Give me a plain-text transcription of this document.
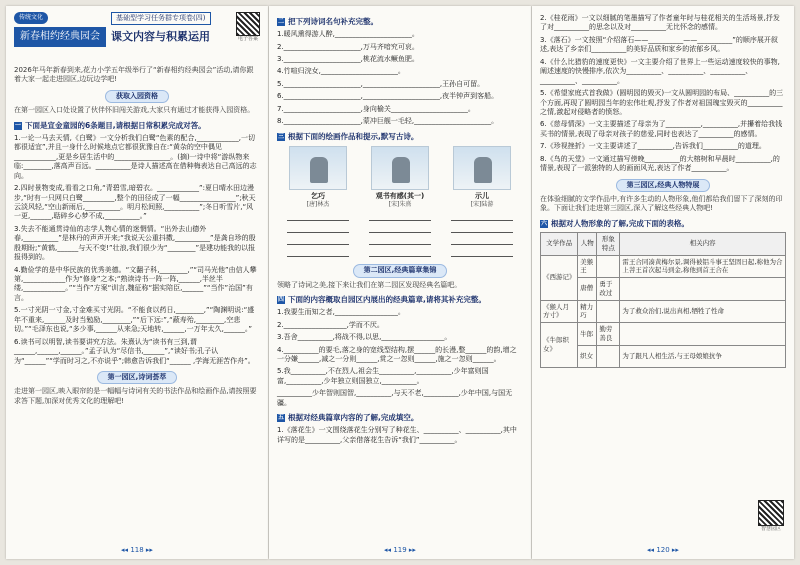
传统文化
新春相约经典园会
基础型学习任务群专项卷(四)
课文内容与积累运用	电子答案
2026年马年新春到来,花力小学五年级举行了“新春相约经典园会”活动,请你跟着大家一起走进园区,边玩边学吧!
获取入园资格
在第一园区入口处设置了伙伴怀旧闯关游戏,大家只有通过才能获得入园资格。
一 下面是宣金童园的6条题目,请根据日常积累完成对答。
1.一论一马去天情,《白鹭》一文分析我们白鹭“色素的配合,____________,一切都很适宜”,并且一身什么时候地点它都很犹豫自在:“黄杂的空中偶见____________,更是乡居生活中的________________。(摘)一诗中将“游纵物来临:________,落高声百远。__________是诗人描述高在借种梅表达自己高远的志向。
2.四时景物变成,看看之口角,“青碧雪,暗碧衣。____________”:夏日晴水田边漫步,“时有一只网只白鹭_________,整个的田径成了一幅________________”;秋天云淡风轻,“空山新雨后,__________。明月松间照,__________”;冬日听雪片,“风一更,______,聒碎乡心梦不成,__________。”
3.失去不能通贯诗仙的志学人物心情的迷惘情。“出外去山德外春,__________”是林丹的声声开来;“我说天公重抖擞,__________”是龚自珍的殷殷期盼;“黄鹤,______与天不变!”壮浪,我们很少为“________”是建功能我的以报报得到的。
4.勤俭学的是中华民族的优秀美德。“文翻子科,________,”“司马光他”由信人攀第,____________作为“修身”之本;“熟读诗书一阵一阵,______,半丝半缕,____________。”“当作”方案“训言,魏征称“据实陪臣,______”“当作”治国”有言。
5.一寸光阴一寸金,寸金难买寸光阴。“不能食以药日,________,”“陶渊明说:“盛年不重来,______及时当勉励,________,”“后下远:”,“蔽寿殆,________,空悲切。”“毛泽东也说,“多少事,______从来急;天地转,______,一万年太久,______。”
6.读书可以明智,读书要讲究方法。朱熹认为“读书有三到,谓______,______,______。”孟子认为“尽信书,______”,“读好书;孔子认为“______”“学而时习之,不亦说乎”;韩愈告诉我们“______ ,学海无涯苦作舟”。
第一园区,诗词荟萃
走进第一园区,映入眼帘的是一幅幅与诗词有关的书法作品和绘画作品,请按照要求答下题,加深对优秀文化的理解吧!
◂◂ 118 ▸▸
二 把下列诗词名句补充完整。
1.暖风熏得游人醉,______________________。
2.______________________,万马齐喑究可哀。
3.______________________,桃花流水鳜鱼肥。
4.竹喧归浣女,______________________。
5.______________________,______________________,王孙自可留。
6.______________________,______________________,夜半钟声到客船。
7.______________________,身向榆关______________________。
8.______________________,蒙冲巨舰一毛轻,______________________。
三 根据下面的绘画作品和提示,默写古诗。
乞巧
[唐]林杰
观书有感(其一)
[宋]朱熹
示儿
[宋]陆游
第二园区,经典篇章集锦
领略了诗词之美,接下来让我们在第二园区发现经典名篇吧。
四 下面的内容概取自园区内展出的经典篇章,请将其补充完整。
1.我要生而知之者,__________________。
2.__________________,学而不厌。
3.吾舍__________,将战不得,以思,__________________。
4.__________的要毛,落之身的宽线型结构,摆______的长漫,整______的韵,增之一分嫌______,减之一分则______,赏之一忽则______,施之一忽则______。
5.我__________,不在烈人,祖会生__________,__________,少年富则国富,__________,少年独立则国独立,__________。
__________少年智则国智,__________,与天不老,__________,少年中国,与国无疆。
五 根据对经典篇章内容的了解,完成填空。
1.《落花生》一文围绕落花生分别写了种花生、__________、__________,其中详写的是__________,父亲借落花生告诉“我们”__________。
◂◂ 119 ▸▸
2.《桂花雨》一文以细腻的笔墨描写了作者童年时与桂花相关的生活场景,抒发了对__________的思念以及对__________无比怀念的感情。
3.《落石》一文按照“介绍落石——__________——__________”的顺序展开叙述,表达了乡亲们__________的美好品质和家乡的浓郁乡风。
4.《什么比猎豹的速度更快》一文主要介绍了世界上一些运动速度较快的事物,阐述速度的快慢排序,依次为__________、__________、__________、__________、__________。
5.《希望家庭式首我做》(圆明园的毁灭)一文从圆明园的布局、__________的三个方面,再现了圆明园当年的宏伟壮观,抒发了作者对祖国瑰宝毁灭的__________之情,激起对侵略者的愤怒。
6.《慈母情深》一文主要描述了母亲为了__________,__________,并攥着给我钱买书的情景,表现了母亲对孩子的慈爱,同时也表达了__________的感情。
7.《珍视挫折》一文主要讲述了__________,告诉我们__________的道理。
8.《鸟的天堂》一文通过描写傍晚__________的大榕树和早晨时__________,的情景,表现了一派独特的人的画面风光,表达了作者__________。
第三园区,经典人物特展
在体验细腻的文学作品中,有许多生动的人物形象,他们都给我们留下了深刻的印象。下面让我们走进第三园区,深入了解这些经典人物吧!
六 根据对人物形象的了解,完成下面的表格。
文学作品	人物	形象特点	相关内容
《西游记》	美猴王		雷王合同凑黄梅尔景,调得被铝斗事王坚固日起,称他为合上菩王首次起马到金,称他到首王合在
	唐僧	勇于改过	
《猴人月方寸》	精力巧		为了救众治们,说出真相,牺牲了性命
《牛郎织女》	牛郎	勤劳善良	
	织女		为了跟凡人相生活,与王母娘娘抗争
智慧园区
◂◂ 120 ▸▸
